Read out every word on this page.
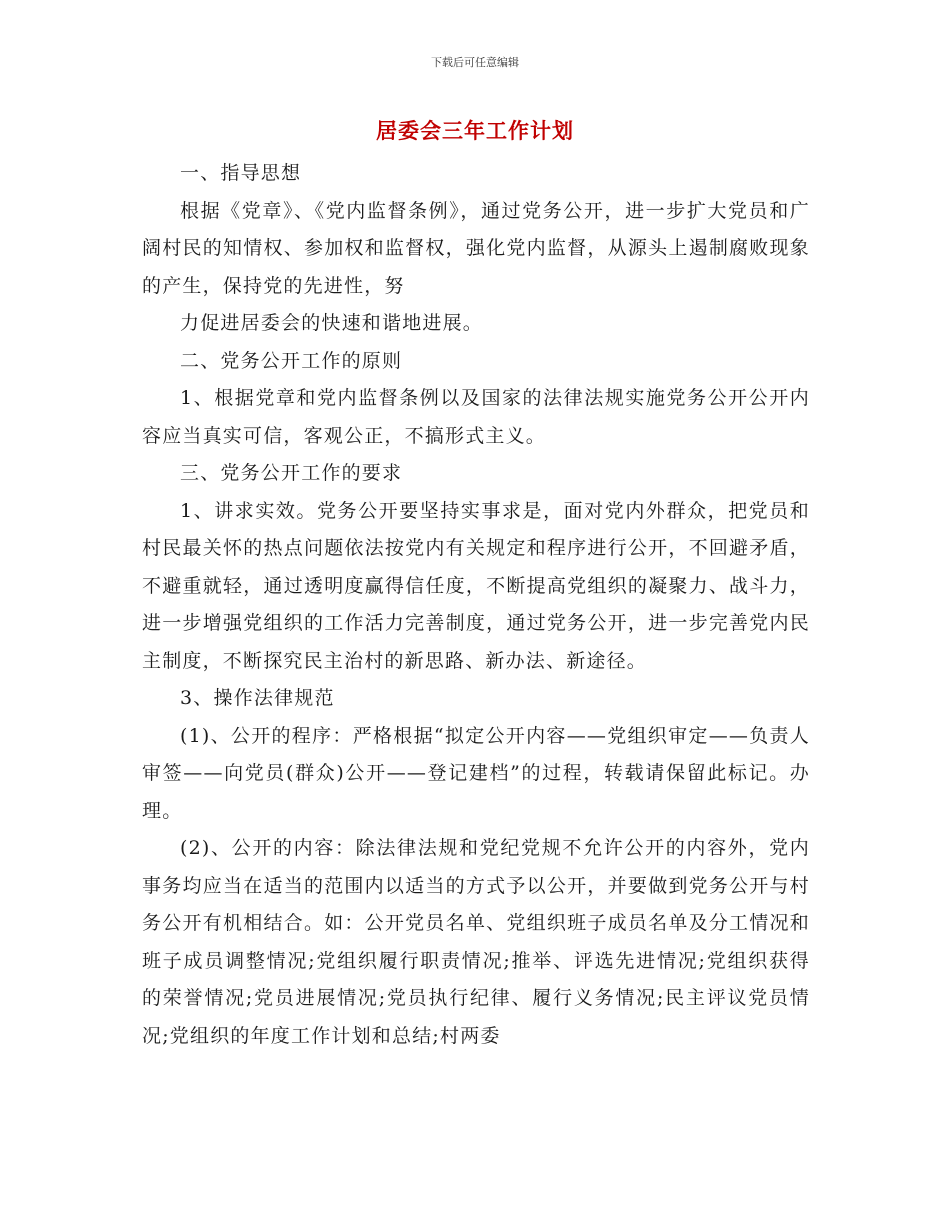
下载后可任意编辑
居委会三年工作计划

一、指导思想

根据《党章》、《党内监督条例》，通过党务公开，进一步扩大党员和广阔村民的知情权、参加权和监督权，强化党内监督，从源头上遏制腐败现象的产生，保持党的先进性，努

力促进居委会的快速和谐地进展。

二、党务公开工作的原则

1、根据党章和党内监督条例以及国家的法律法规实施党务公开公开内容应当真实可信，客观公正，不搞形式主义。

三、党务公开工作的要求

1、讲求实效。党务公开要坚持实事求是，面对党内外群众，把党员和村民最关怀的热点问题依法按党内有关规定和程序进行公开，不回避矛盾，不避重就轻，通过透明度赢得信任度，不断提高党组织的凝聚力、战斗力，进一步增强党组织的工作活力完善制度，通过党务公开，进一步完善党内民主制度，不断探究民主治村的新思路、新办法、新途径。

3、操作法律规范

(1)、公开的程序：严格根据“拟定公开内容——党组织审定——负责人审签——向党员(群众)公开——登记建档”的过程，转载请保留此标记。办理。

(2)、公开的内容：除法律法规和党纪党规不允许公开的内容外，党内事务均应当在适当的范围内以适当的方式予以公开，并要做到党务公开与村务公开有机相结合。如：公开党员名单、党组织班子成员名单及分工情况和班子成员调整情况;党组织履行职责情况;推举、评选先进情况;党组织获得的荣誉情况;党员进展情况;党员执行纪律、履行义务情况;民主评议党员情况;党组织的年度工作计划和总结;村两委
